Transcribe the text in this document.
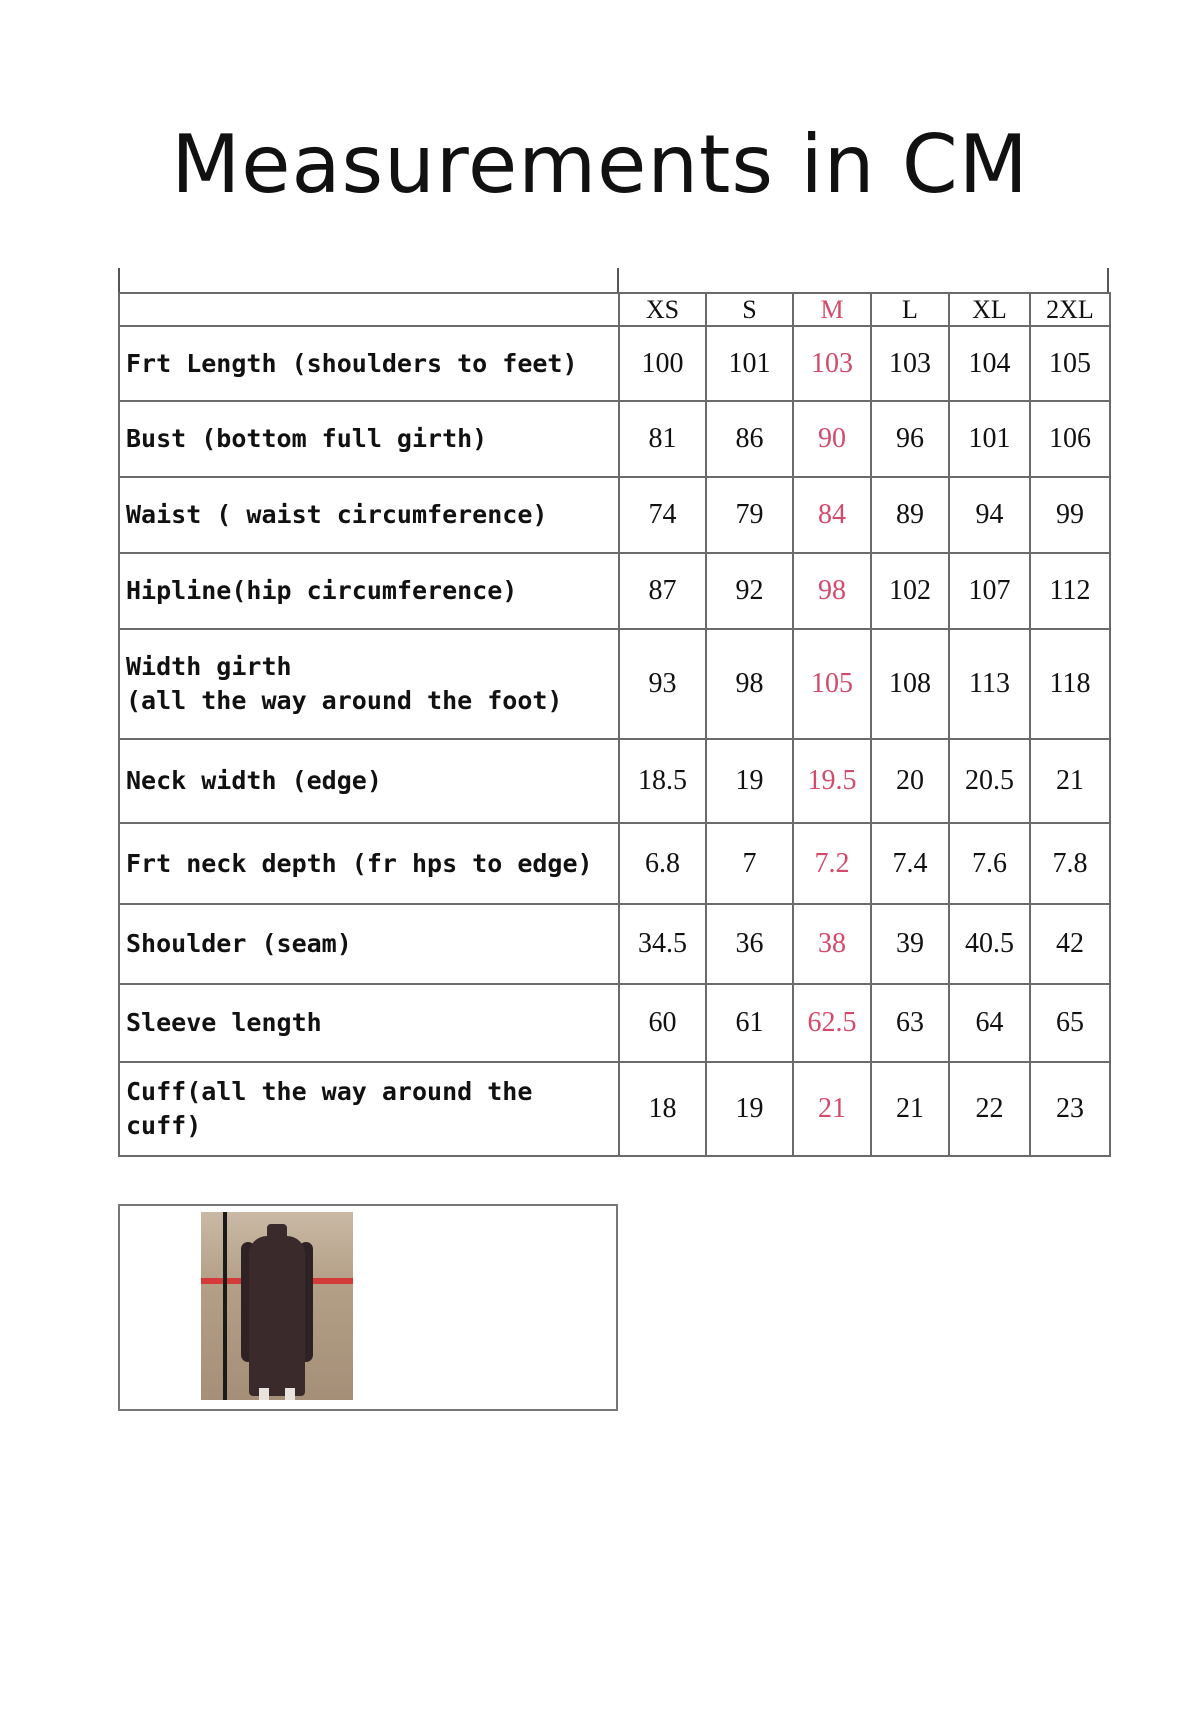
Measurements in CM
	XS	S	M	L	XL	2XL
Frt Length (shoulders to feet)	100	101	103	103	104	105
Bust (bottom full girth)	81	86	90	96	101	106
Waist ( waist circumference)	74	79	84	89	94	99
Hipline(hip circumference)	87	92	98	102	107	112
Width girth
(all the way around the foot)	93	98	105	108	113	118
Neck width (edge)	18.5	19	19.5	20	20.5	21
Frt neck depth (fr hps to edge)	6.8	7	7.2	7.4	7.6	7.8
Shoulder (seam)	34.5	36	38	39	40.5	42
Sleeve length	60	61	62.5	63	64	65
Cuff(all the way around the
cuff)	18	19	21	21	22	23
